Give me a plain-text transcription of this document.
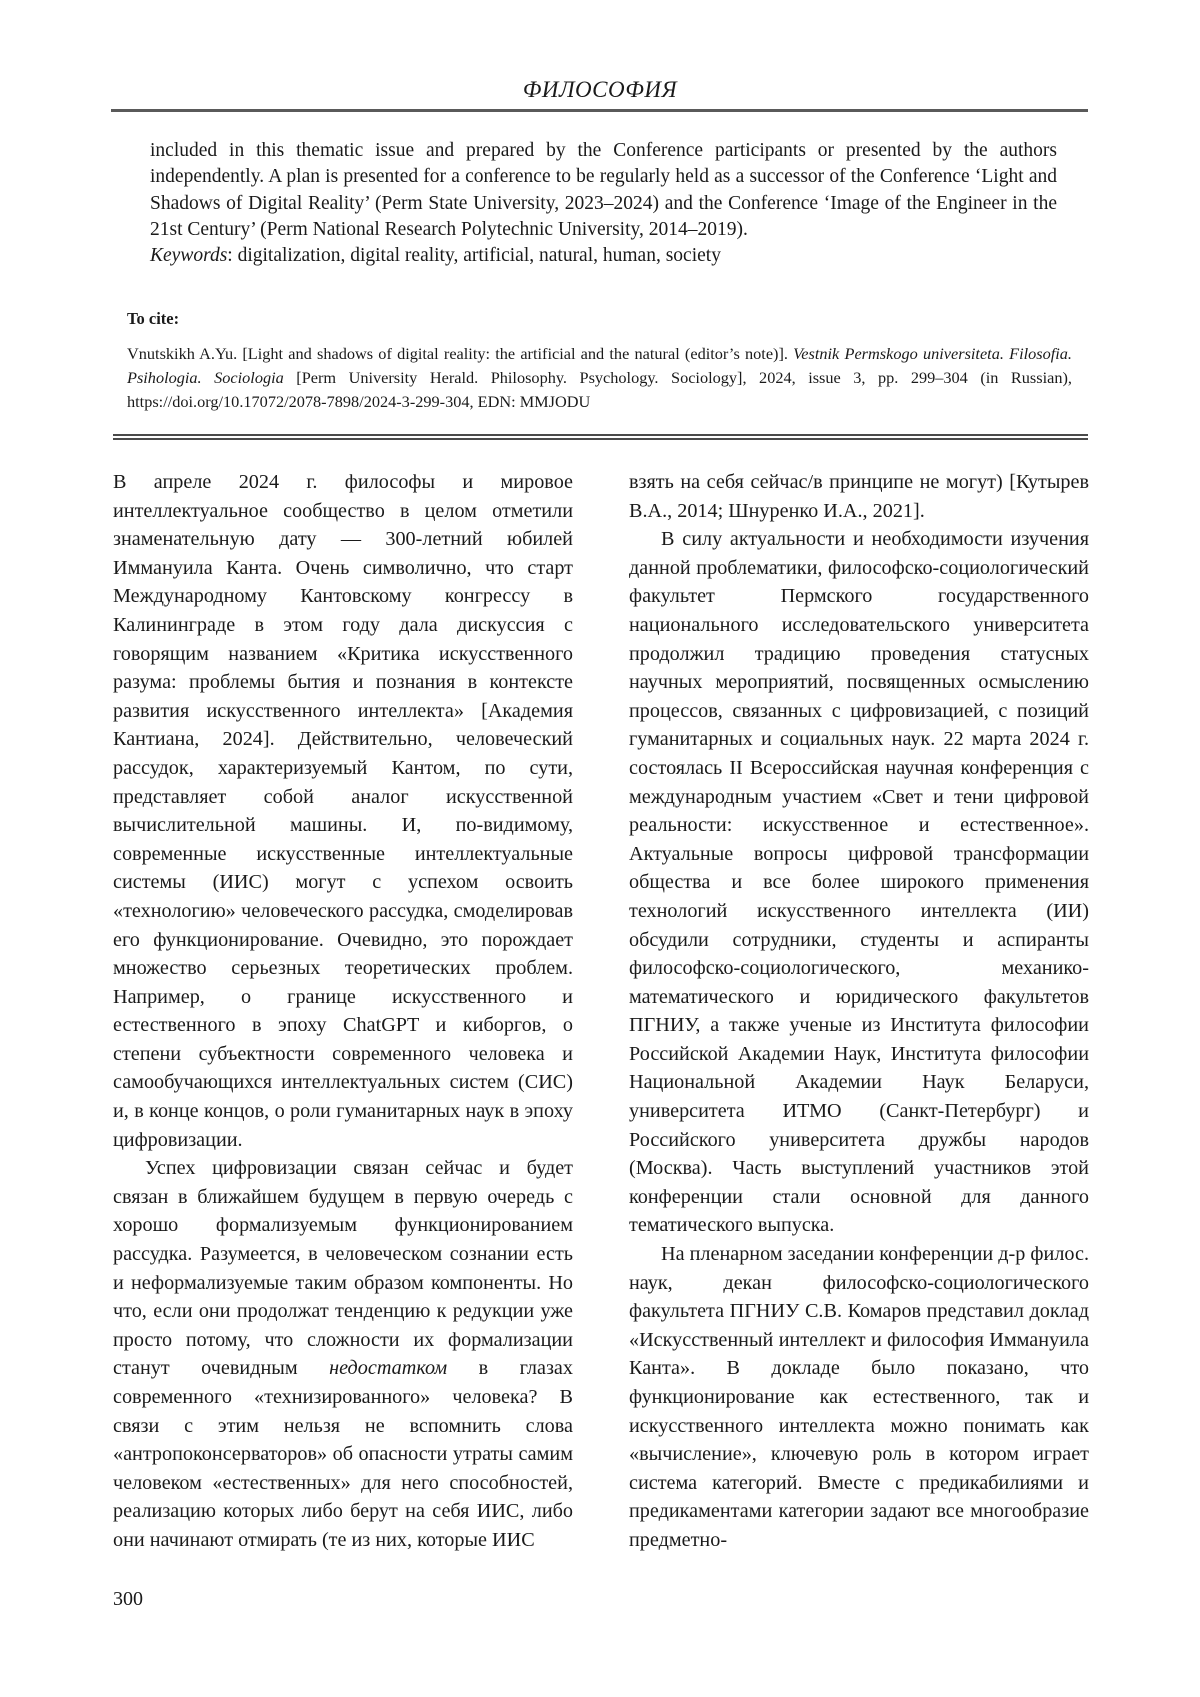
ФИЛОСОФИЯ

included in this thematic issue and prepared by the Conference participants or presented by the authors independently. A plan is presented for a conference to be regularly held as a successor of the Conference ‘Light and Shadows of Digital Reality’ (Perm State University, 2023–2024) and the Conference ‘Image of the Engineer in the 21st Century’ (Perm National Research Polytechnic University, 2014–2019).

Keywords: digitalization, digital reality, artificial, natural, human, society

To cite:
Vnutskikh A.Yu. [Light and shadows of digital reality: the artificial and the natural (editor’s note)]. Vestnik Permskogo universiteta. Filosofia. Psihologia. Sociologia [Perm University Herald. Philosophy. Psychology. Sociology], 2024, issue 3, pp. 299–304 (in Russian), https://doi.org/10.17072/2078-7898/2024-3-299-304, EDN: MMJODU

В апреле 2024 г. философы и мировое интеллектуальное сообщество в целом отметили знаменательную дату — 300-летний юбилей Иммануила Канта. Очень символично, что старт Международному Кантовскому конгрессу в Калининграде в этом году дала дискуссия с говорящим названием «Критика искусственного разума: проблемы бытия и познания в контексте развития искусственного интеллекта» [Академия Кантиана, 2024]. Действительно, человеческий рассудок, характеризуемый Кантом, по сути, представляет собой аналог искусственной вычислительной машины. И, по-видимому, современные искусственные интеллектуальные системы (ИИС) могут с успехом освоить «технологию» человеческого рассудка, смоделировав его функционирование. Очевидно, это порождает множество серьезных теоретических проблем. Например, о границе искусственного и естественного в эпоху ChatGPT и киборгов, о степени субъектности современного человека и самообучающихся интеллектуальных систем (СИС) и, в конце концов, о роли гуманитарных наук в эпоху цифровизации.

Успех цифровизации связан сейчас и будет связан в ближайшем будущем в первую очередь с хорошо формализуемым функционированием рассудка. Разумеется, в человеческом сознании есть и неформализуемые таким образом компоненты. Но что, если они продолжат тенденцию к редукции уже просто потому, что сложности их формализации станут очевидным недостатком в глазах современного «технизированного» человека? В связи с этим нельзя не вспомнить слова «антропоконсерваторов» об опасности утраты самим человеком «естественных» для него способностей, реализацию которых либо берут на себя ИИС, либо они начинают отмирать (те из них, которые ИИС

взять на себя сейчас/в принципе не могут) [Кутырев В.А., 2014; Шнуренко И.А., 2021].

В силу актуальности и необходимости изучения данной проблематики, философско-социологический факультет Пермского государственного национального исследовательского университета продолжил традицию проведения статусных научных мероприятий, посвященных осмыслению процессов, связанных с цифровизацией, с позиций гуманитарных и социальных наук. 22 марта 2024 г. состоялась II Всероссийская научная конференция с международным участием «Свет и тени цифровой реальности: искусственное и естественное». Актуальные вопросы цифровой трансформации общества и все более широкого применения технологий искусственного интеллекта (ИИ) обсудили сотрудники, студенты и аспиранты философско-социологического, механико-математического и юридического факультетов ПГНИУ, а также ученые из Института философии Российской Академии Наук, Института философии Национальной Академии Наук Беларуси, университета ИТМО (Санкт-Петербург) и Российского университета дружбы народов (Москва). Часть выступлений участников этой конференции стали основной для данного тематического выпуска.

На пленарном заседании конференции д-р филос. наук, декан философско-социологического факультета ПГНИУ С.В. Комаров представил доклад «Искусственный интеллект и философия Иммануила Канта». В докладе было показано, что функционирование как естественного, так и искусственного интеллекта можно понимать как «вычисление», ключевую роль в котором играет система категорий. Вместе с предикабилиями и предикаментами категории задают все многообразие предметно-

300
